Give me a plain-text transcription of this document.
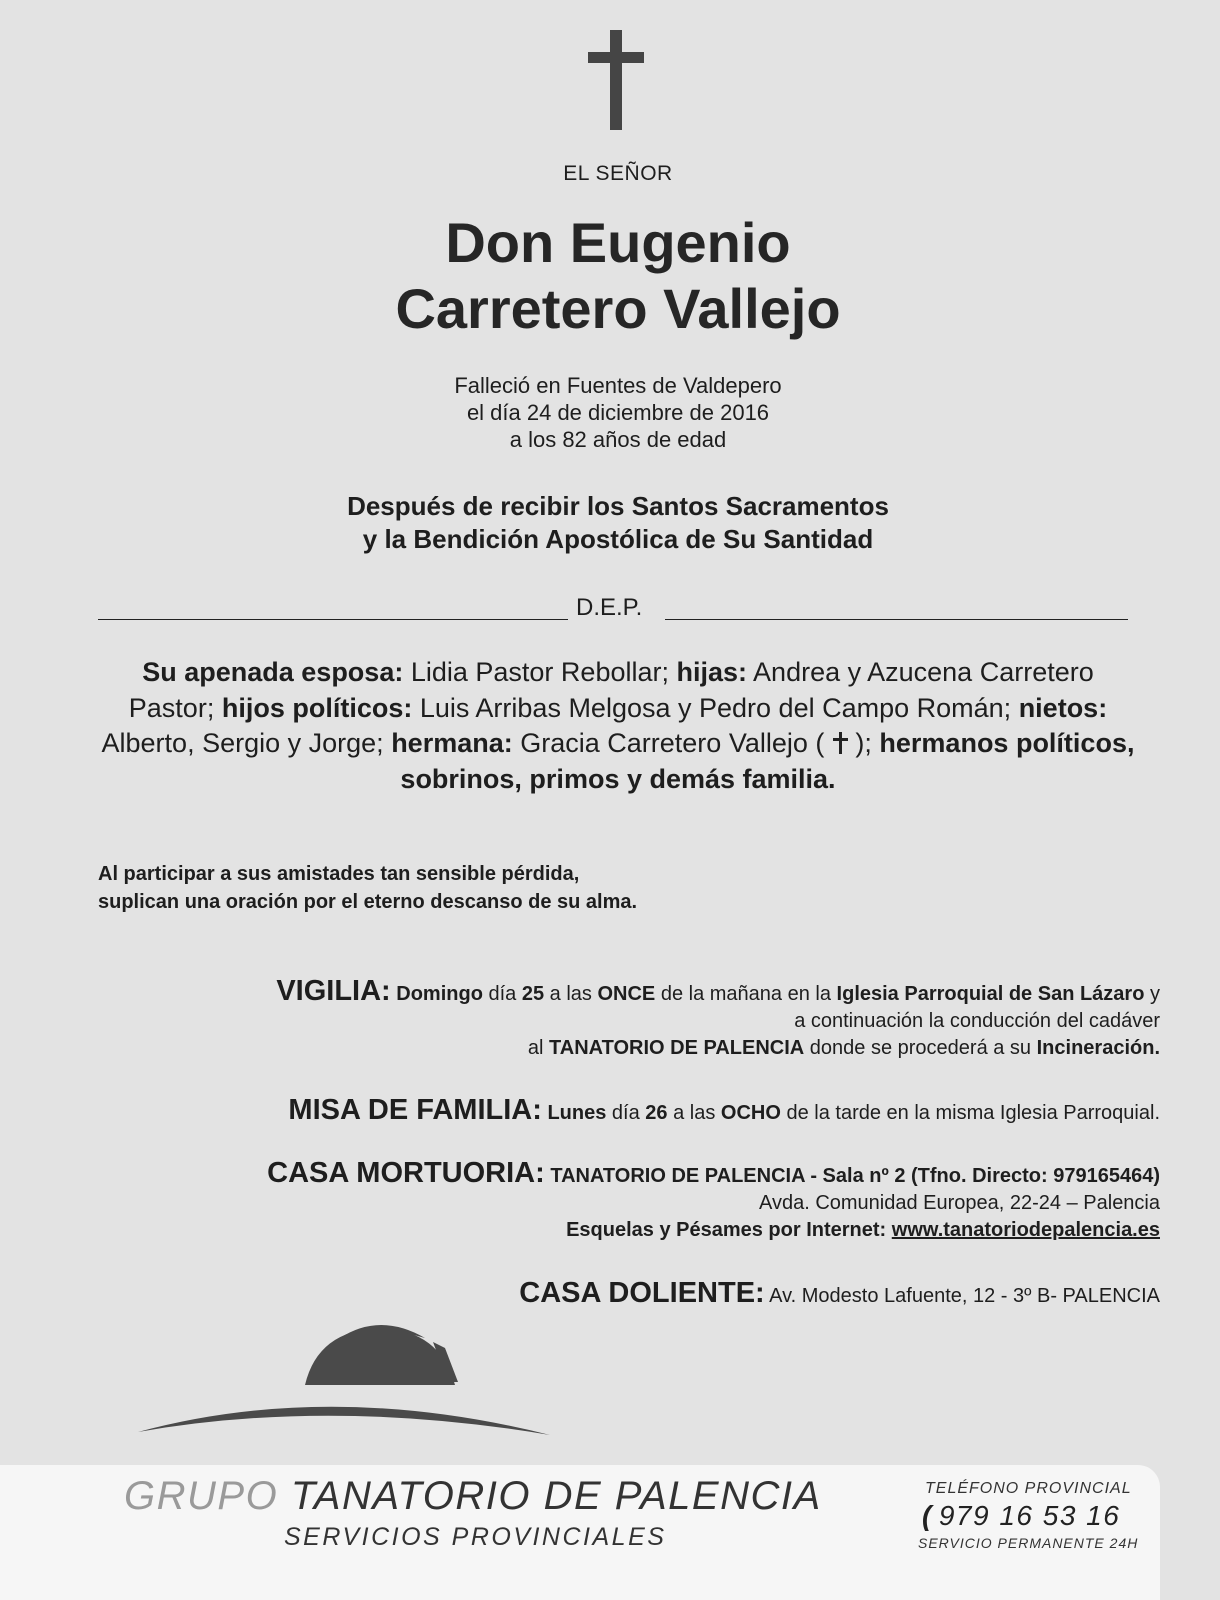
EL SEÑOR
Don Eugenio
Carretero Vallejo
Falleció en Fuentes de Valdepero
el día 24 de diciembre de 2016
a los 82 años de edad
Después de recibir los Santos Sacramentos
y la Bendición Apostólica de Su Santidad
D.E.P.
Su apenada esposa: Lidia Pastor Rebollar; hijas: Andrea y Azucena Carretero Pastor; hijos políticos: Luis Arribas Melgosa y Pedro del Campo Román; nietos: Alberto, Sergio y Jorge; hermana: Gracia Carretero Vallejo ( ); hermanos políticos, sobrinos, primos y demás familia.
Al participar a sus amistades tan sensible pérdida,
suplican una oración por el eterno descanso de su alma.
VIGILIA: Domingo día 25 a las ONCE de la mañana en la Iglesia Parroquial de San Lázaro y
a continuación la conducción del cadáver
al TANATORIO DE PALENCIA donde se procederá a su Incineración.
MISA DE FAMILIA: Lunes día 26 a las OCHO de la tarde en la misma Iglesia Parroquial.
CASA MORTUORIA: TANATORIO DE PALENCIA - Sala nº 2 (Tfno. Directo: 979165464)
Avda. Comunidad Europea, 22-24 – Palencia
Esquelas y Pésames por Internet: www.tanatoriodepalencia.es
CASA DOLIENTE: Av. Modesto Lafuente, 12 - 3º B- PALENCIA
GRUPO TANATORIO DE PALENCIA
SERVICIOS PROVINCIALES
TELÉFONO PROVINCIAL
( 979 16 53 16
SERVICIO PERMANENTE 24H
